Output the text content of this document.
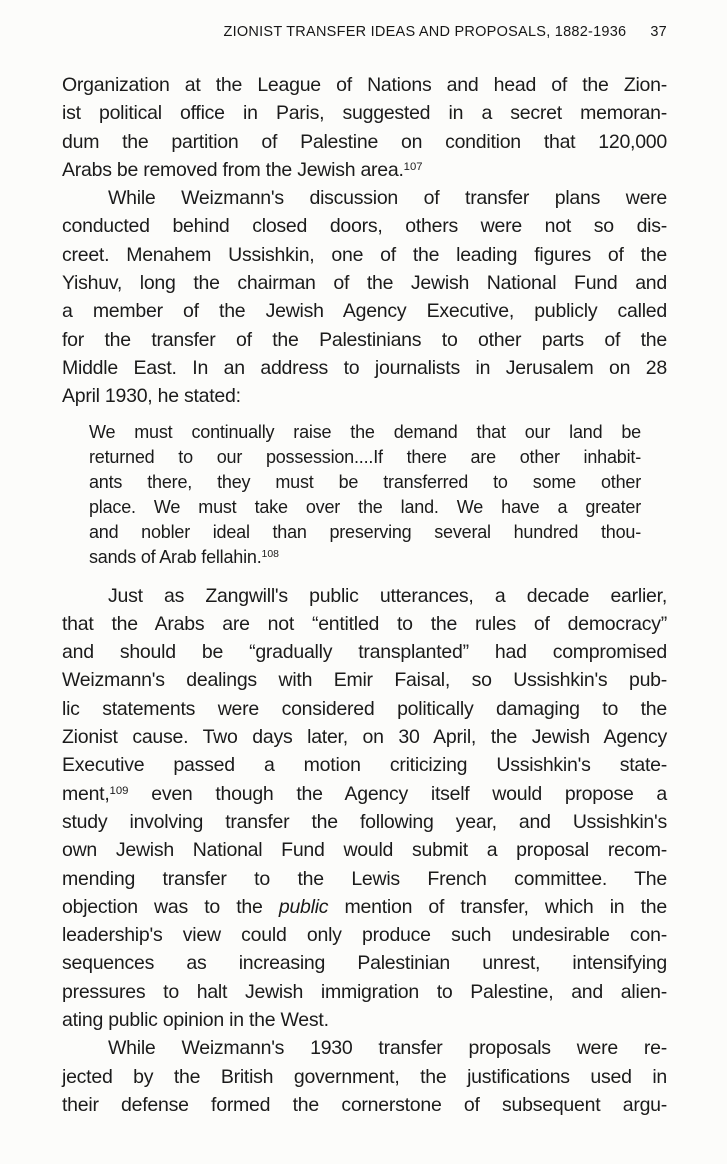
ZIONIST TRANSFER IDEAS AND PROPOSALS, 1882-1936 37

Organization at the League of Nations and head of the Zion-
ist political office in Paris, suggested in a secret memoran-
dum the partition of Palestine on condition that 120,000
Arabs be removed from the Jewish area.$^{107}$

While Weizmann's discussion of transfer plans were
conducted behind closed doors, others were not so dis-
creet. Menahem Ussishkin, one of the leading figures of the
Yishuv, long the chairman of the Jewish National Fund and
a member of the Jewish Agency Executive, publicly called
for the transfer of the Palestinians to other parts of the
Middle East. In an address to journalists in Jerusalem on 28
April 1930, he stated:

We must continually raise the demand that our land be
returned to our possession....If there are other inhabit-
ants there, they must be transferred to some other
place. We must take over the land. We have a greater
and nobler ideal than preserving several hundred thou-
sands of Arab fellahin.$^{108}$

Just as Zangwill's public utterances, a decade earlier,
that the Arabs are not “entitled to the rules of democracy”
and should be “gradually transplanted” had compromised
Weizmann's dealings with Emir Faisal, so Ussishkin's pub-
lic statements were considered politically damaging to the
Zionist cause. Two days later, on 30 April, the Jewish Agency
Executive passed a motion criticizing Ussishkin's state-
ment,$^{109}$ even though the Agency itself would propose a
study involving transfer the following year, and Ussishkin's
own Jewish National Fund would submit a proposal recom-
mending transfer to the Lewis French committee. The
objection was to the public mention of transfer, which in the
leadership's view could only produce such undesirable con-
sequences as increasing Palestinian unrest, intensifying
pressures to halt Jewish immigration to Palestine, and alien-
ating public opinion in the West.

While Weizmann's 1930 transfer proposals were re-
jected by the British government, the justifications used in
their defense formed the cornerstone of subsequent argu-
